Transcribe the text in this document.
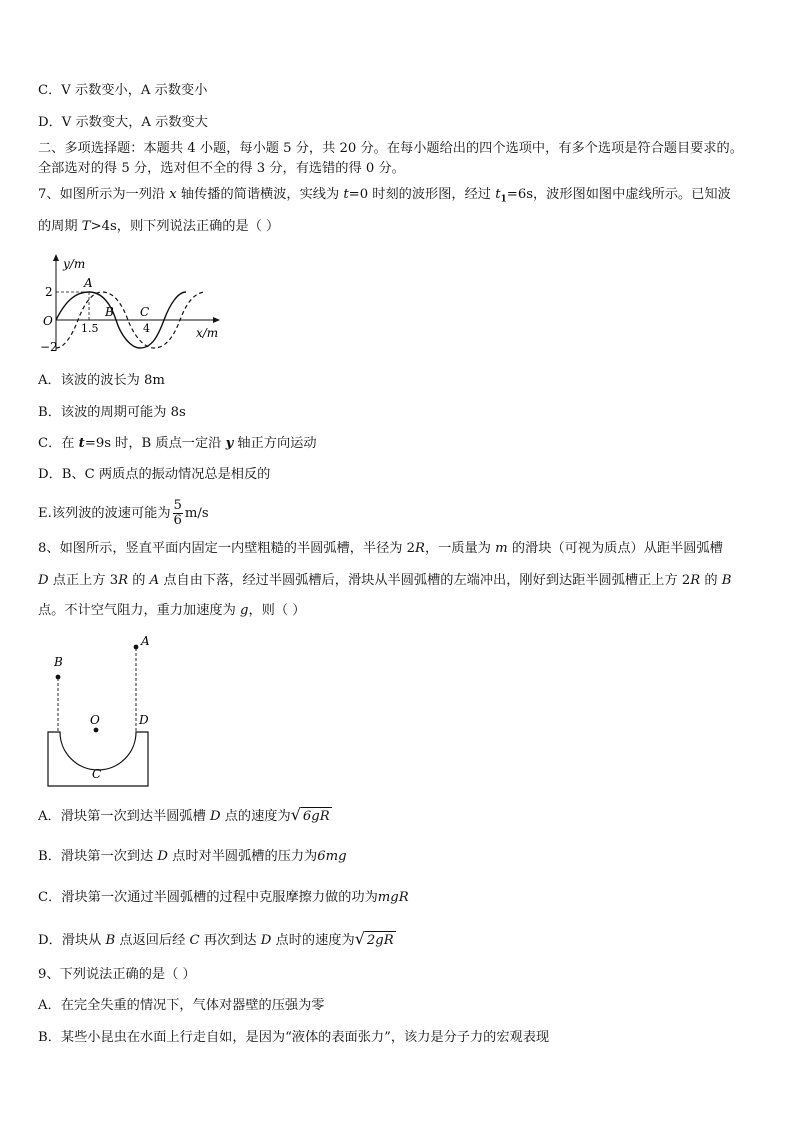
C．V 示数变小，A 示数变小
D．V 示数变大，A 示数变大
二、多项选择题：本题共 4 小题，每小题 5 分，共 20 分。在每小题给出的四个选项中，有多个选项是符合题目要求的。
全部选对的得 5 分，选对但不全的得 3 分，有选错的得 0 分。
7、如图所示为一列沿 x 轴传播的简谐横波，实线为 t=0 时刻的波形图，经过 $t_1=6s$，波形图如图中虚线所示。已知波
的周期 T>4s，则下列说法正确的是（ ）
y/m
x/m
O
2
−2
1.5	4
A
B C
A．该波的波长为 8m
B．该波的周期可能为 8s
C．在 t=9s 时，B 质点一定沿 y 轴正方向运动
D．B、C 两质点的振动情况总是相反的
E.该列波的波速可能为 $\frac{5}{6} m/s$
8、如图所示，竖直平面内固定一内壁粗糙的半圆弧槽，半径为 2R，一质量为 m 的滑块（可视为质点）从距半圆弧槽
D 点正上方 3R 的 A 点自由下落，经过半圆弧槽后，滑块从半圆弧槽的左端冲出，刚好到达距半圆弧槽正上方 2R 的 B
点。不计空气阻力，重力加速度为 g，则（ ）
A
B
O	D
C
A．滑块第一次到达半圆弧槽 D 点的速度为√ 6gR
B．滑块第一次到达 D 点时对半圆弧槽的压力为6mg
C．滑块第一次通过半圆弧槽的过程中克服摩擦力做的功为mgR
D．滑块从 B 点返回后经 C 再次到达 D 点时的速度为√ 2gR
9、下列说法正确的是（ ）
A．在完全失重的情况下，气体对器壁的压强为零
B．某些小昆虫在水面上行走自如，是因为“液体的表面张力”，该力是分子力的宏观表现
